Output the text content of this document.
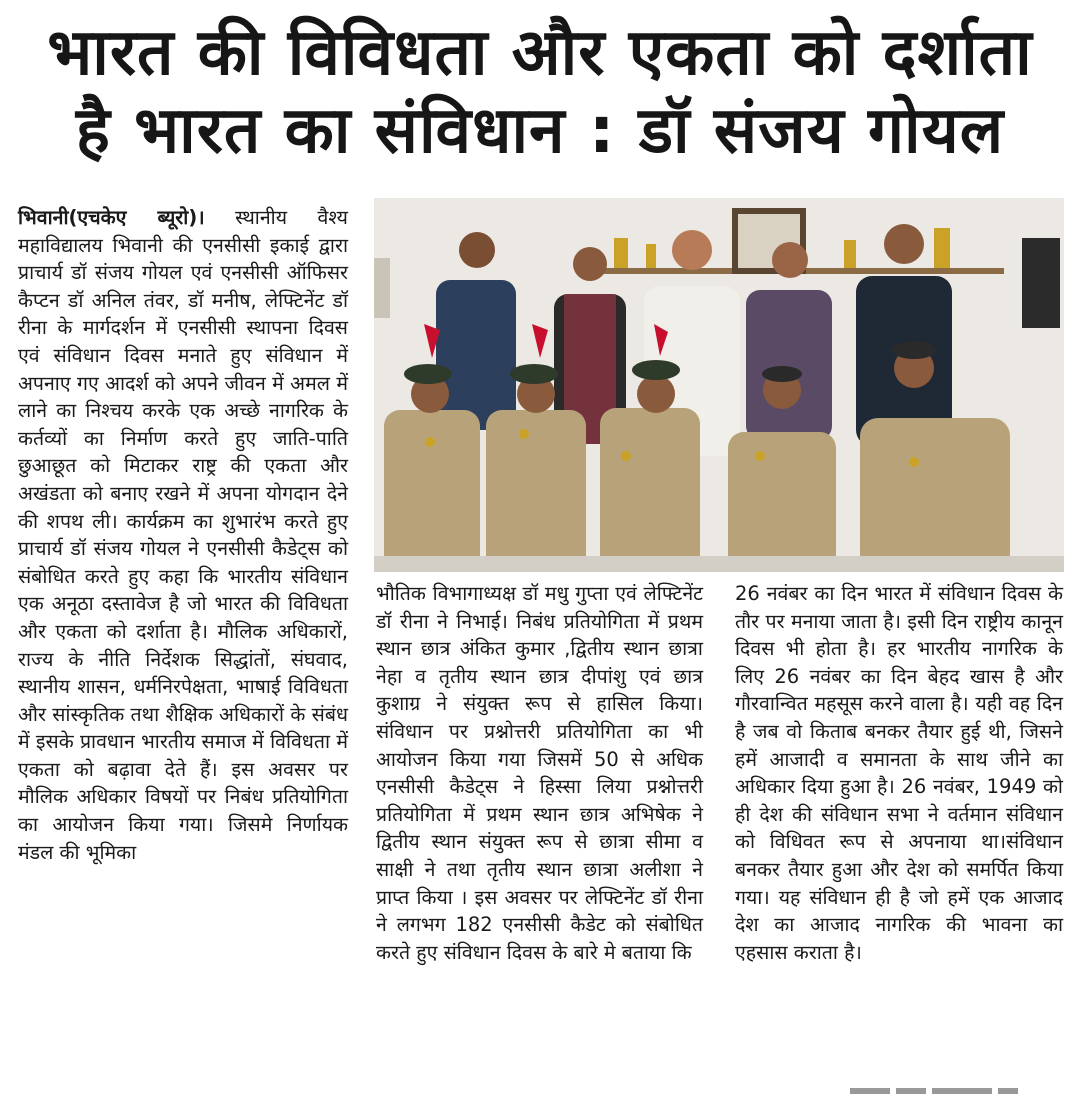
भारत की विविधता और एकता को दर्शाता
है भारत का संविधान : डॉ संजय गोयल

भिवानी(एचकेए ब्यूरो)। स्थानीय वैश्य महाविद्यालय भिवानी की एनसीसी इकाई द्वारा प्राचार्य डॉ संजय गोयल एवं एनसीसी ऑफिसर कैप्टन डॉ अनिल तंवर, डॉ मनीष, लेफ्टिनेंट डॉ रीना के मार्गदर्शन में एनसीसी स्थापना दिवस एवं संविधान दिवस मनाते हुए संविधान में अपनाए गए आदर्श को अपने जीवन में अमल में लाने का निश्चय करके एक अच्छे नागरिक के कर्तव्यों का निर्माण करते हुए जाति-पाति छुआछूत को मिटाकर राष्ट्र की एकता और अखंडता को बनाए रखने में अपना योगदान देने की शपथ ली। कार्यक्रम का शुभारंभ करते हुए प्राचार्य डॉ संजय गोयल ने एनसीसी कैडेट्स को संबोधित करते हुए कहा कि भारतीय संविधान एक अनूठा दस्तावेज है जो भारत की विविधता और एकता को दर्शाता है। मौलिक अधिकारों, राज्य के नीति निर्देशक सिद्धांतों, संघवाद, स्थानीय शासन, धर्मनिरपेक्षता, भाषाई विविधता और सांस्कृतिक तथा शैक्षिक अधिकारों के संबंध में इसके प्रावधान भारतीय समाज में विविधता में एकता को बढ़ावा देते हैं। इस अवसर पर मौलिक अधिकार विषयों पर निबंध प्रतियोगिता का आयोजन किया गया। जिसमे निर्णायक मंडल की भूमिका

भौतिक विभागाध्यक्ष डॉ मधु गुप्ता एवं लेफ्टिनेंट डॉ रीना ने निभाई। निबंध प्रतियोगिता में प्रथम स्थान छात्र अंकित कुमार ,द्वितीय स्थान छात्रा नेहा व तृतीय स्थान छात्र दीपांशु एवं छात्र कुशाग्र ने संयुक्त रूप से हासिल किया। संविधान पर प्रश्नोत्तरी प्रतियोगिता का भी आयोजन किया गया जिसमें 50 से अधिक एनसीसी कैडेट्स ने हिस्सा लिया प्रश्नोत्तरी प्रतियोगिता में प्रथम स्थान छात्र अभिषेक ने द्वितीय स्थान संयुक्त रूप से छात्रा सीमा व साक्षी ने तथा तृतीय स्थान छात्रा अलीशा ने प्राप्त किया । इस अवसर पर लेफ्टिनेंट डॉ रीना ने लगभग 182 एनसीसी कैडेट को संबोधित करते हुए संविधान दिवस के बारे मे बताया कि

26 नवंबर का दिन भारत में संविधान दिवस के तौर पर मनाया जाता है। इसी दिन राष्ट्रीय कानून दिवस भी होता है। हर भारतीय नागरिक के लिए 26 नवंबर का दिन बेहद खास है और गौरवान्वित महसूस करने वाला है। यही वह दिन है जब वो किताब बनकर तैयार हुई थी, जिसने हमें आजादी व समानता के साथ जीने का अधिकार दिया हुआ है। 26 नवंबर, 1949 को ही देश की संविधान सभा ने वर्तमान संविधान को विधिवत रूप से अपनाया था।संविधान बनकर तैयार हुआ और देश को समर्पित किया गया। यह संविधान ही है जो हमें एक आजाद देश का आजाद नागरिक की भावना का एहसास कराता है।
